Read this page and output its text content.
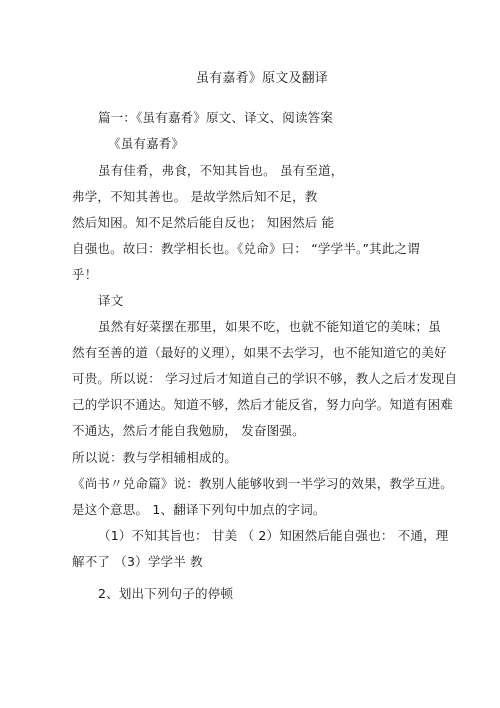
虽有嘉肴》原文及翻译
篇一：《虽有嘉肴》原文、译文、阅读答案
《虽有嘉肴》
虽有佳肴，弗食，不知其旨也。 虽有至道，
弗学，不知其善也。 是故学然后知不足，教
然后知困。知不足然后能自反也； 知困然后 能
自强也。故曰：教学相长也。《兑命》曰： “学学半。”其此之谓
乎！
译文
虽然有好菜摆在那里，如果不吃，也就不能知道它的美味；虽
然有至善的道（最好的义理），如果不去学习，也不能知道它的美好
可贵。所以说： 学习过后才知道自己的学识不够，教人之后才发现自
己的学识不通达。知道不够，然后才能反省，努力向学。知道有困难
不通达，然后才能自我勉励， 发奋图强。
所以说：教与学相辅相成的。
《尚书〃兑命篇》说：教别人能够收到一半学习的效果，教学互进。
是这个意思。 1、翻译下列句中加点的字词。
（1）不知其旨也： 甘美 （ 2）知困然后能自强也： 不通，理
解不了 （3）学学半 教
2、划出下列句子的停顿
